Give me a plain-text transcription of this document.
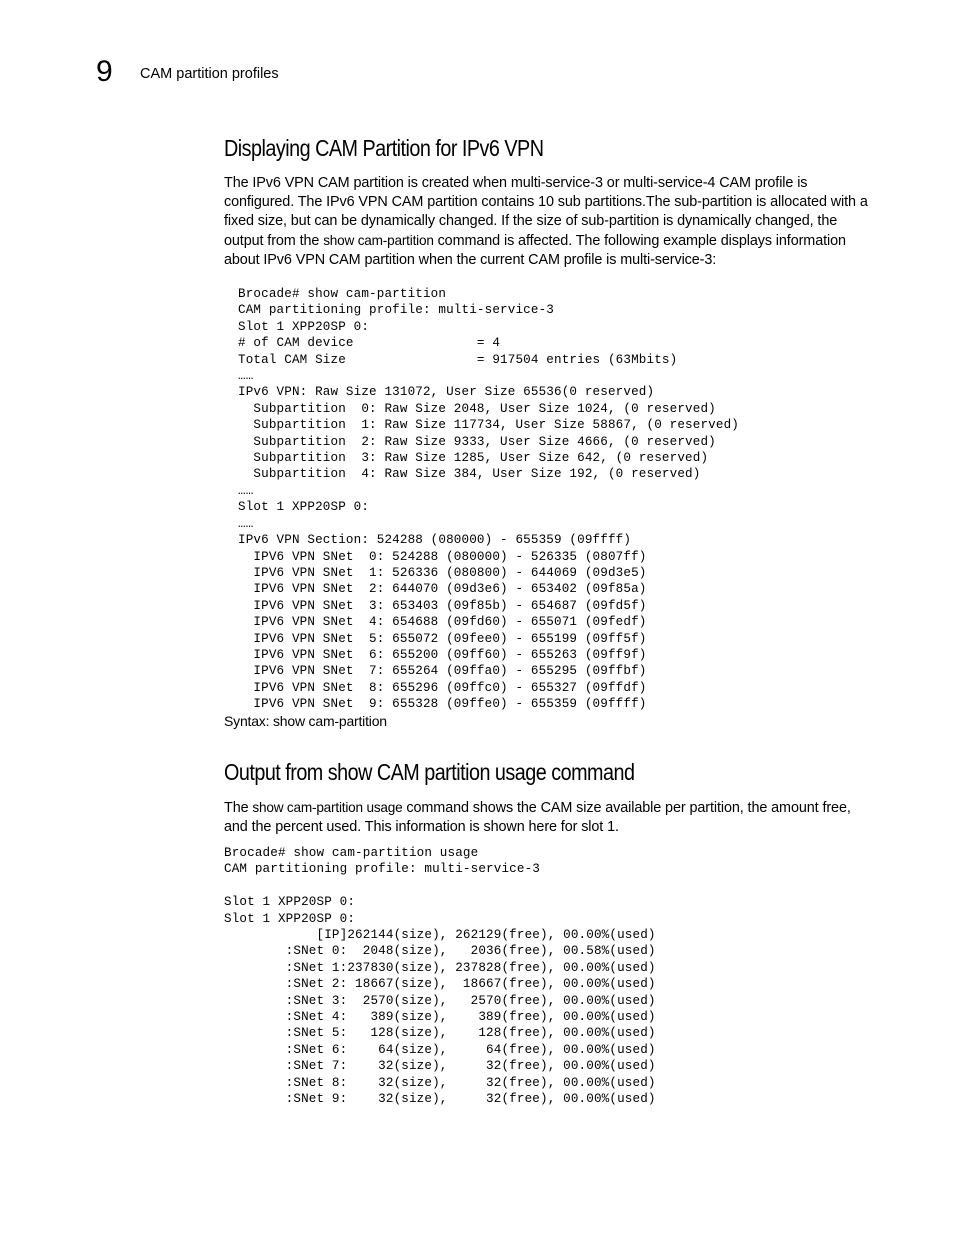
9 CAM partition profiles
Displaying CAM Partition for IPv6 VPN

The IPv6 VPN CAM partition is created when multi-service-3 or multi-service-4 CAM profile is configured. The IPv6 VPN CAM partition contains 10 sub partitions.The sub-partition is allocated with a fixed size, but can be dynamically changed. If the size of sub-partition is dynamically changed, the output from the show cam-partition command is affected. The following example displays information about IPv6 VPN CAM partition when the current CAM profile is multi-service-3:

Brocade# show cam-partition
CAM partitioning profile: multi-service-3
Slot 1 XPP20SP 0:
# of CAM device                = 4
Total CAM Size                 = 917504 entries (63Mbits)
……
IPv6 VPN: Raw Size 131072, User Size 65536(0 reserved)
Subpartition  0: Raw Size 2048, User Size 1024, (0 reserved)
Subpartition  1: Raw Size 117734, User Size 58867, (0 reserved)
Subpartition  2: Raw Size 9333, User Size 4666, (0 reserved)
Subpartition  3: Raw Size 1285, User Size 642, (0 reserved)
Subpartition  4: Raw Size 384, User Size 192, (0 reserved)
……
Slot 1 XPP20SP 0:
……
IPv6 VPN Section: 524288 (080000) - 655359 (09ffff)
IPV6 VPN SNet  0: 524288 (080000) - 526335 (0807ff)
IPV6 VPN SNet  1: 526336 (080800) - 644069 (09d3e5)
IPV6 VPN SNet  2: 644070 (09d3e6) - 653402 (09f85a)
IPV6 VPN SNet  3: 653403 (09f85b) - 654687 (09fd5f)
IPV6 VPN SNet  4: 654688 (09fd60) - 655071 (09fedf)
IPV6 VPN SNet  5: 655072 (09fee0) - 655199 (09ff5f)
IPV6 VPN SNet  6: 655200 (09ff60) - 655263 (09ff9f)
IPV6 VPN SNet  7: 655264 (09ffa0) - 655295 (09ffbf)
IPV6 VPN SNet  8: 655296 (09ffc0) - 655327 (09ffdf)
IPV6 VPN SNet  9: 655328 (09ffe0) - 655359 (09ffff)
Syntax: show cam-partition
Output from show CAM partition usage command

The show cam-partition usage command shows the CAM size available per partition, the amount free, and the percent used. This information is shown here for slot 1.

Brocade# show cam-partition usage
CAM partitioning profile: multi-service-3

Slot 1 XPP20SP 0:
Slot 1 XPP20SP 0:
[IP]262144(size), 262129(free), 00.00%(used)
:SNet 0:  2048(size),   2036(free), 00.58%(used)
:SNet 1:237830(size), 237828(free), 00.00%(used)
:SNet 2: 18667(size),  18667(free), 00.00%(used)
:SNet 3:  2570(size),   2570(free), 00.00%(used)
:SNet 4:   389(size),    389(free), 00.00%(used)
:SNet 5:   128(size),    128(free), 00.00%(used)
:SNet 6:    64(size),     64(free), 00.00%(used)
:SNet 7:    32(size),     32(free), 00.00%(used)
:SNet 8:    32(size),     32(free), 00.00%(used)
:SNet 9:    32(size),     32(free), 00.00%(used)
